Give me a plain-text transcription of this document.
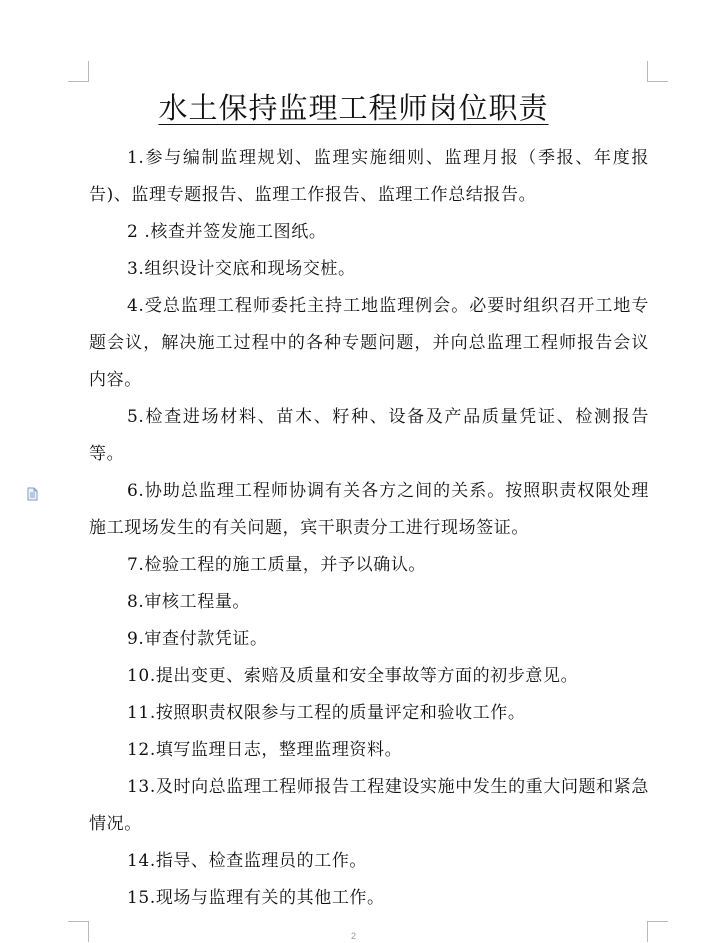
水土保持监理工程师岗位职责

1.参与编制监理规划、监理实施细则、监理月报（季报、年度报告)、监理专题报告、监理工作报告、监理工作总结报告。

2 .核查并签发施工图纸。

3.组织设计交底和现场交桩。

4.受总监理工程师委托主持工地监理例会。必要时组织召开工地专题会议，解决施工过程中的各种专题问题，并向总监理工程师报告会议内容。

5.检查进场材料、苗木、籽种、设备及产品质量凭证、检测报告等。

6.协助总监理工程师协调有关各方之间的关系。按照职责权限处理施工现场发生的有关问题，宾干职责分工进行现场签证。

7.检验工程的施工质量，并予以确认。

8.审核工程量。

9.审查付款凭证。

10.提出变更、索赔及质量和安全事故等方面的初步意见。

11.按照职责权限参与工程的质量评定和验收工作。

12.填写监理日志，整理监理资料。

13.及时向总监理工程师报告工程建设实施中发生的重大问题和紧急情况。

14.指导、检查监理员的工作。

15.现场与监理有关的其他工作。

2
